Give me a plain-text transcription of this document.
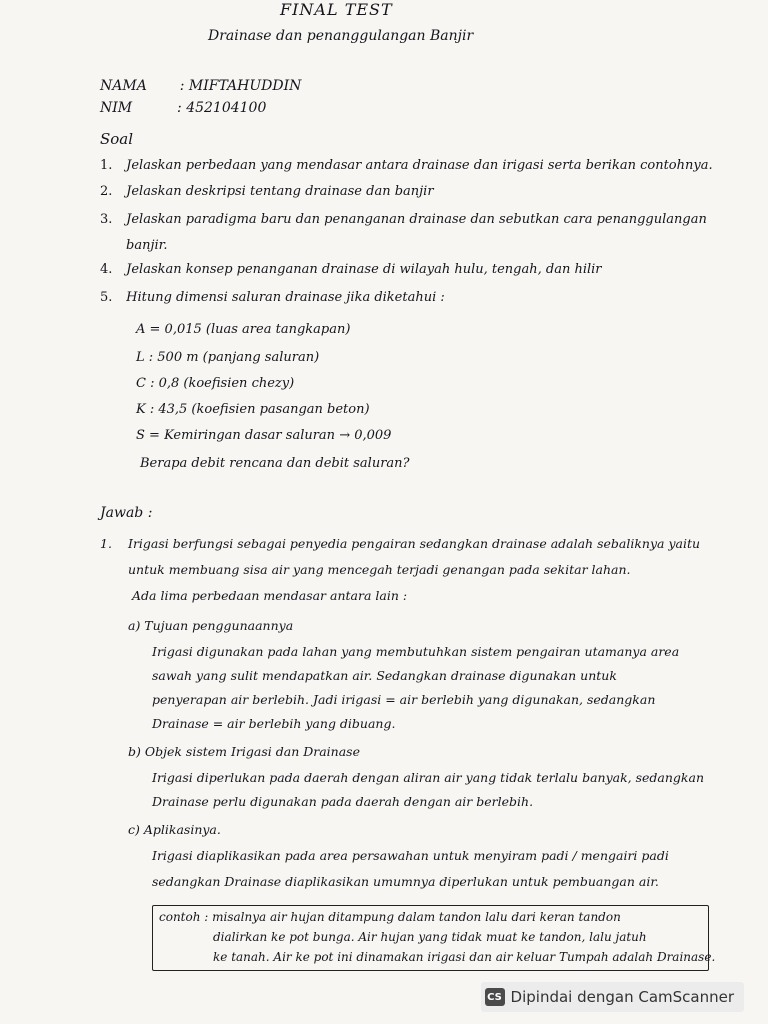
FINAL TEST
Drainase dan penanggulangan Banjir
NAMA : MIFTAHUDDIN
NIM	: 452104100
Soal
1. Jelaskan perbedaan yang mendasar antara drainase dan irigasi serta berikan contohnya.
2. Jelaskan deskripsi tentang drainase dan banjir
3. Jelaskan paradigma baru dan penanganan drainase dan sebutkan cara penanggulangan
banjir.
4. Jelaskan konsep penanganan drainase di wilayah hulu, tengah, dan hilir
5. Hitung dimensi saluran drainase jika diketahui :
A = 0,015 (luas area tangkapan)
L : 500 m (panjang saluran)
C : 0,8 (koefisien chezy)
K : 43,5 (koefisien pasangan beton)
S = Kemiringan dasar saluran → 0,009
Berapa debit rencana dan debit saluran?
Jawab :
1. Irigasi berfungsi sebagai penyedia pengairan sedangkan drainase adalah sebaliknya yaitu
untuk membuang sisa air yang mencegah terjadi genangan pada sekitar lahan.
Ada lima perbedaan mendasar antara lain :
a) Tujuan penggunaannya
Irigasi digunakan pada lahan yang membutuhkan sistem pengairan utamanya area
sawah yang sulit mendapatkan air. Sedangkan drainase digunakan untuk
penyerapan air berlebih. Jadi irigasi = air berlebih yang digunakan, sedangkan
Drainase = air berlebih yang dibuang.
b) Objek sistem Irigasi dan Drainase
Irigasi diperlukan pada daerah dengan aliran air yang tidak terlalu banyak, sedangkan
Drainase perlu digunakan pada daerah dengan air berlebih.
c) Aplikasinya.
Irigasi diaplikasikan pada area persawahan untuk menyiram padi / mengairi padi
sedangkan Drainase diaplikasikan umumnya diperlukan untuk pembuangan air.
contoh : misalnya air hujan ditampung dalam tandon lalu dari keran tandon
dialirkan ke pot bunga. Air hujan yang tidak muat ke tandon, lalu jatuh
ke tanah. Air ke pot ini dinamakan irigasi dan air keluar Tumpah adalah Drainase.
CS Dipindai dengan CamScanner
